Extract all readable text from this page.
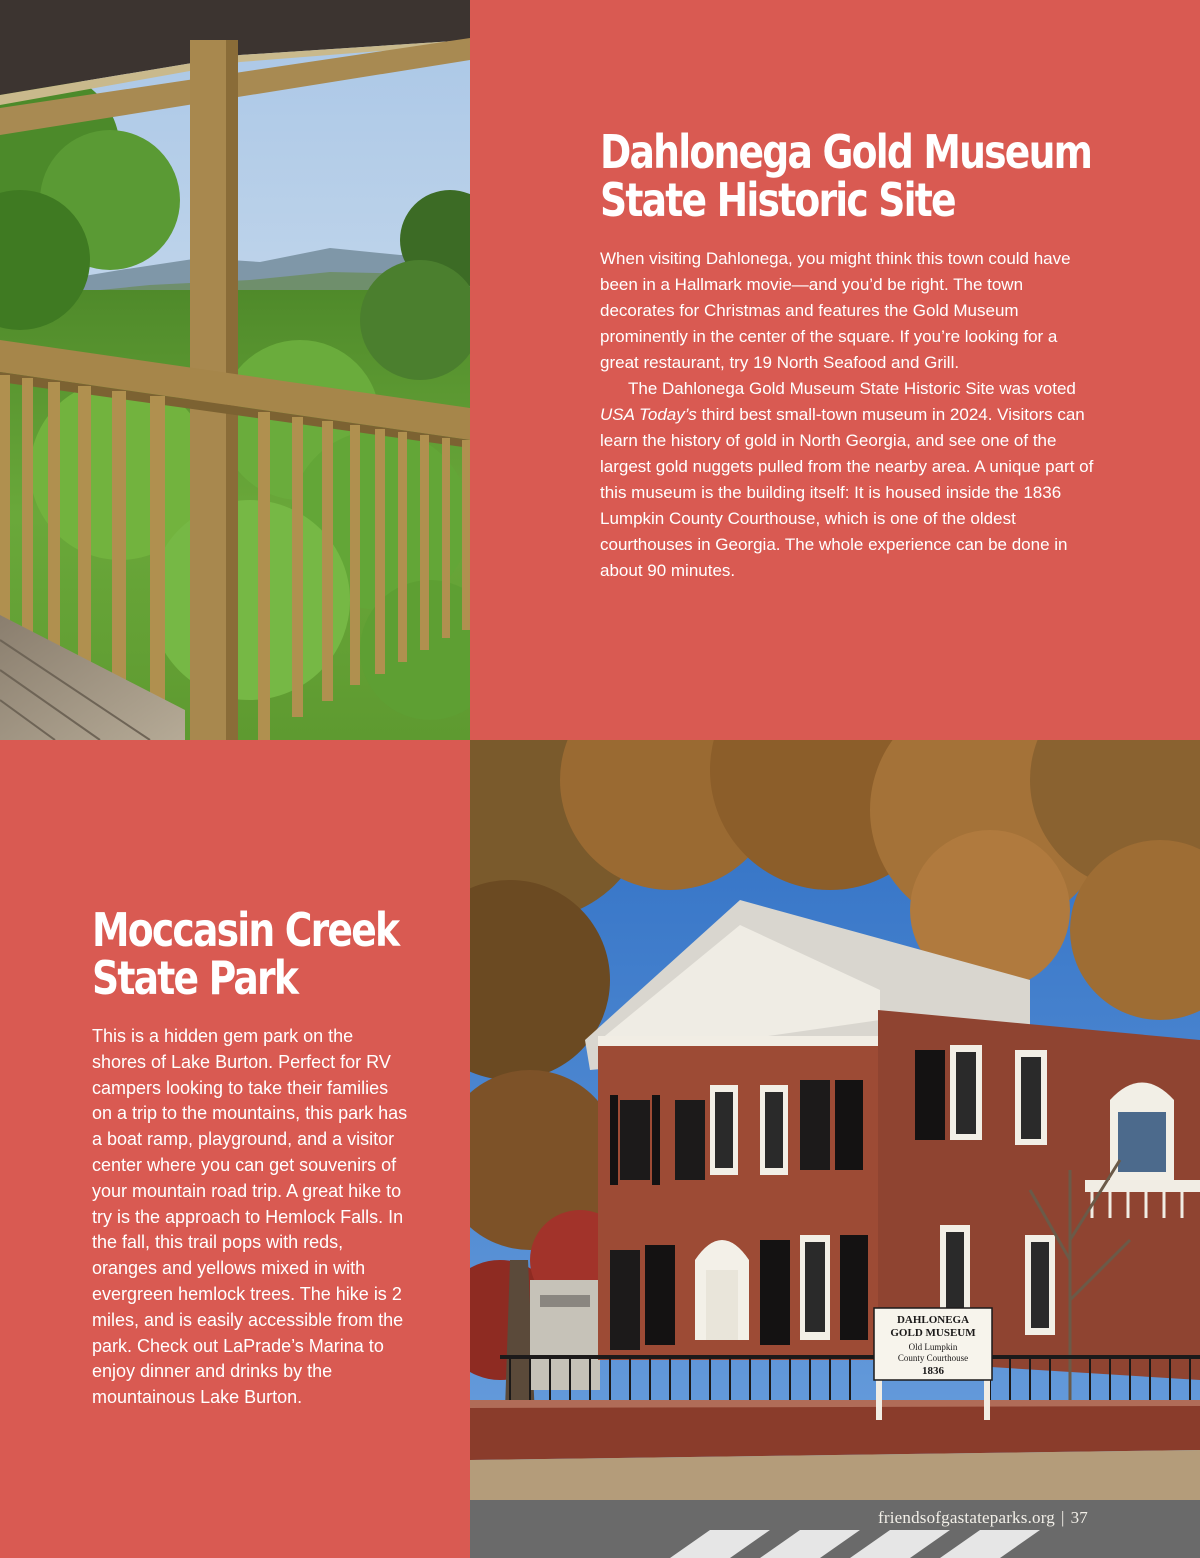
Dahlonega Gold Museum
State Historic Site

When visiting Dahlonega, you might think this town could have been in a Hallmark movie—and you’d be right. The town decorates for Christmas and features the Gold Museum prominently in the center of the square. If you’re looking for a great restaurant, try 19 North Seafood and Grill.

The Dahlonega Gold Museum State Historic Site was voted USA Today’s third best small-town museum in 2024. Visitors can learn the history of gold in North Georgia, and see one of the largest gold nuggets pulled from the nearby area. A unique part of this museum is the building itself: It is housed inside the 1836 Lumpkin County Courthouse, which is one of the oldest courthouses in Georgia. The whole experience can be done in about 90 minutes.

Moccasin Creek
State Park

This is a hidden gem park on the shores of Lake Burton. Perfect for RV campers looking to take their families on a trip to the mountains, this park has a boat ramp, playground, and a visitor center where you can get souvenirs of your mountain road trip. A great hike to try is the approach to Hemlock Falls. In the fall, this trail pops with reds, oranges and yellows mixed in with evergreen hemlock trees. The hike is 2 miles, and is easily accessible from the park. Check out LaPrade’s Marina to enjoy dinner and drinks by the mountainous Lake Burton.

DAHLONEGA
GOLD MUSEUM
Old Lumpkin
County Courthouse
1836
friendsofgastateparks.org | 37
